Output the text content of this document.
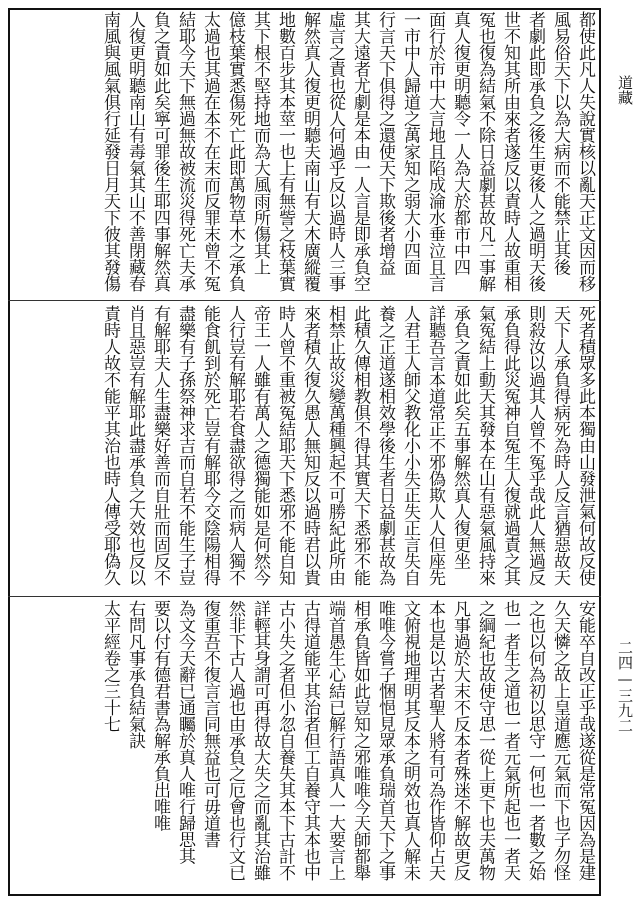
都使此凡人失說實核以亂天正文因而移
風易俗天下以為大病而不能禁止其後
者劇此即承負之後生更後人之過明天後
世不知其所由來者遂反以責時人故重相
冤也復為結氣不除日益劇甚故凡二事解
真人復更明聽令一人為大於都市中四
面行於市中大言地且陷成淪水垂泣且言
一市中人歸道之萬家知之弱大小四面
行言天下俱得之還使天下欺後者增益
其大遠者尤劇是本由一人言是即承負空
虛言之責也從人何過乎反以過時人三事
解然真人復更明聽夫南山有大木廣縱覆
地數百步其本莖一也上有無訾之枝葉實
其下根不堅持地而為大風雨所傷其上
億枝葉實悉傷死亡此即萬物草木之承負
太過也其過在本不在末而反罪末曾不冤
結耶今天下無過無故被流災得死亡夫承
負之責如此矣寧可罪後生耶四事解然真
人復更明聽南山有毒氣其山不善閉藏春
南風與風氣俱行延發日月天下彼其發傷
死者積眾多此本獨由山發泄氣何故反使
天下人承負得病死為時人反言猶惡故天
則殺汝以過其人曾不冤乎哉此人無過反
承負得此災冤神自冤生人復就過責之其
氣冤結上動天其發本在山有惡氣風持來
承負之責如此矣五事解然真人復更坐
詳聽吾言本道常正不邪偽欺人人但座先
人君王人師父教化小小失正失正言失自
養之正道遂相效學後生者日益劇甚故為
此積久傳相教俱不得其實天下悉邪不能
相禁止故災變萬種興起不可勝紀此所由
來者積久復久愚人無知反以過時君以貴
時人曾不重被冤結耶天下悉邪不能自知
帝王一人雖有萬人之德獨能如是何然今
人行豈有解耶若食盡欲得之而病人獨不
能食飢到於死亡豈有解耶今交陰陽相得
盡樂有子孫祭神求吉而自若不能生子豈
有解耶夫人生盡樂好善而自壯而固反不
肖且惡豈有解耶此盡承負之大效也反以
責時人故不能平其治也時人傳受耶偽久
安能卒自改正乎哉遂從是常冤因為是建
久天憐之故上皇道應元氣而下也子勿怪
之也以何為初以思守一何也一者數之始
也一者生之道也一者元氣所起也一者天
之綱紀也故使守思一從上更下也夫萬物
凡事過於大末不反本者殊迷不解故更反
本也是以古者聖人將有可為作皆仰占天
文俯視地理明其反本之明效也真人解未
唯唯今嘗子悃悒見眾承負瑞首天下之事
相承負皆如此豈知之邪唯唯今天師都舉
端首愚生心結已解行語真人一大要言上
古得道能平其治者但工自養守其本也中
古小失之者但小忽自養失其本下古計不
詳輕其身謂可再得故大失之而亂其治雖
然非下古人過也由承負之厄會也行文已
復重吾不復言言同無益也可毋道書
為文今天辭已通矚於真人唯行歸思其
要以付有德君書為解承負出唯唯
右問凡事承負結氣訣
太平經卷之三十七
道藏
二四—三九二
